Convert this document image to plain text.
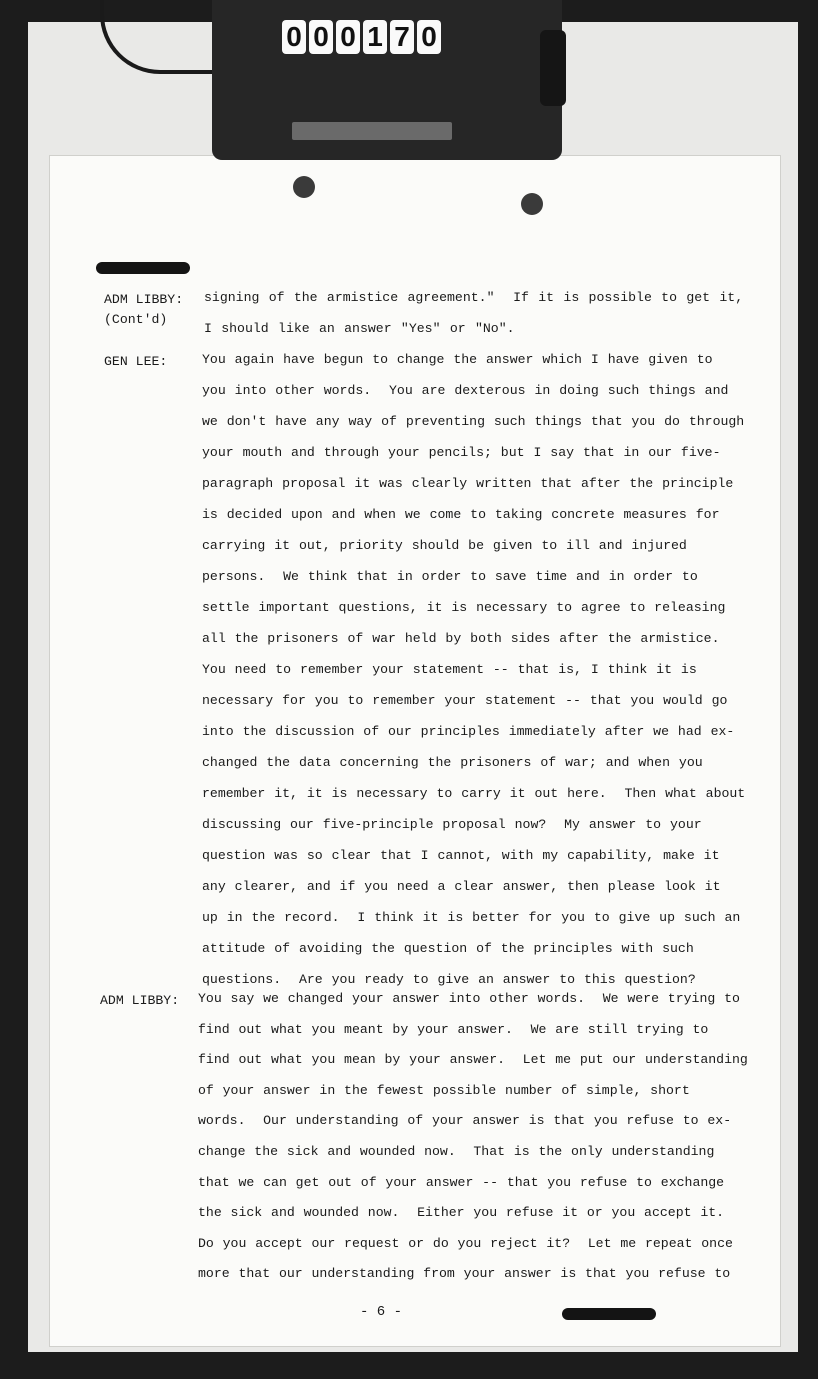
0 0 0 1 7 0
ADM LIBBY:
(Cont'd)
signing of the armistice agreement."  If it is possible to get it,
I should like an answer "Yes" or "No".
GEN LEE:	You again have begun to change the answer which I have given to
you into other words.  You are dexterous in doing such things and
we don't have any way of preventing such things that you do through
your mouth and through your pencils; but I say that in our five-
paragraph proposal it was clearly written that after the principle
is decided upon and when we come to taking concrete measures for
carrying it out, priority should be given to ill and injured
persons.  We think that in order to save time and in order to
settle important questions, it is necessary to agree to releasing
all the prisoners of war held by both sides after the armistice.
You need to remember your statement -- that is, I think it is
necessary for you to remember your statement -- that you would go
into the discussion of our principles immediately after we had ex-
changed the data concerning the prisoners of war; and when you
remember it, it is necessary to carry it out here.  Then what about
discussing our five-principle proposal now?  My answer to your
question was so clear that I cannot, with my capability, make it
any clearer, and if you need a clear answer, then please look it
up in the record.  I think it is better for you to give up such an
attitude of avoiding the question of the principles with such
questions.  Are you ready to give an answer to this question?
ADM LIBBY:	You say we changed your answer into other words.  We were trying to
find out what you meant by your answer.  We are still trying to
find out what you mean by your answer.  Let me put our understanding
of your answer in the fewest possible number of simple, short
words.  Our understanding of your answer is that you refuse to ex-
change the sick and wounded now.  That is the only understanding
that we can get out of your answer -- that you refuse to exchange
the sick and wounded now.  Either you refuse it or you accept it.
Do you accept our request or do you reject it?  Let me repeat once
more that our understanding from your answer is that you refuse to
- 6 -
